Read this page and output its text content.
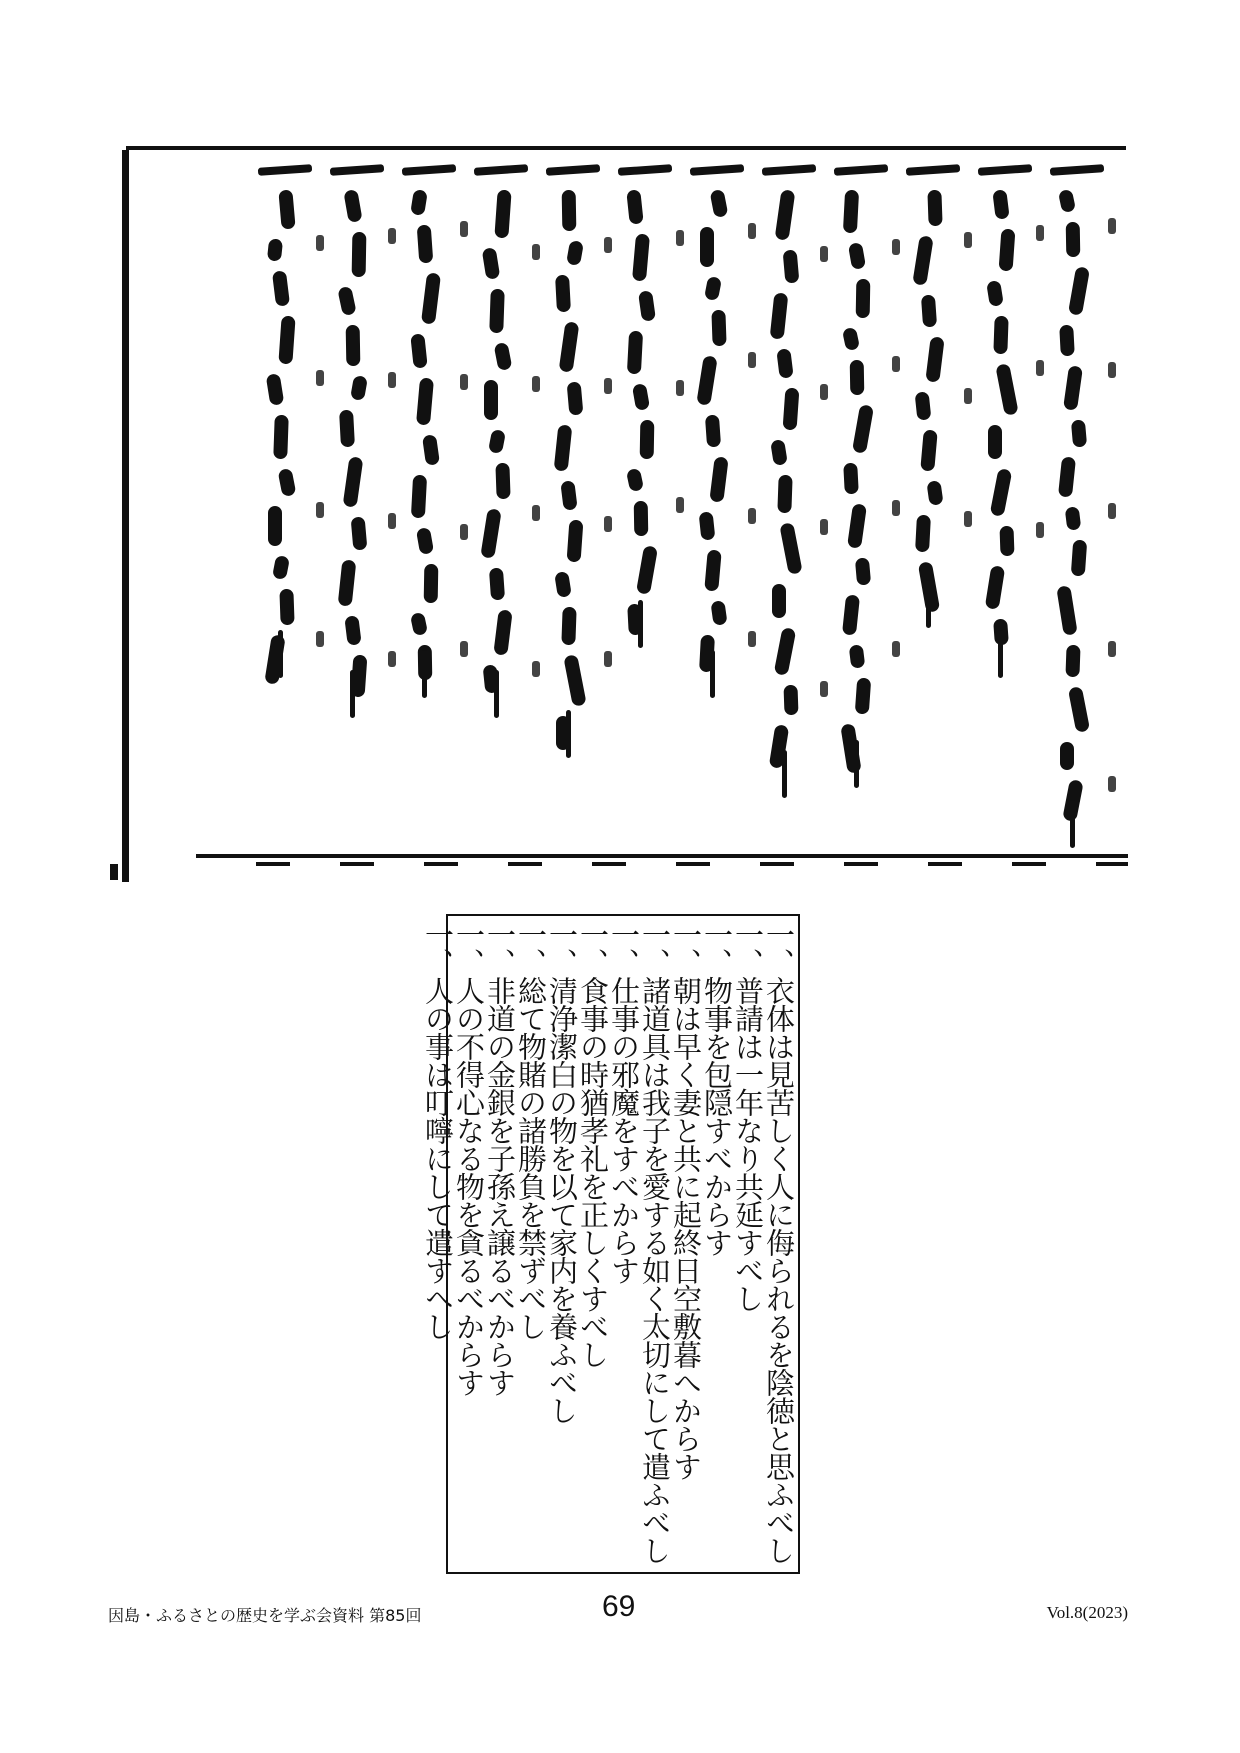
一、衣体は見苦しく人に侮られるを陰徳と思ふべし
一、普請は一年なり共延すべし
一、物事を包隠すべからす
一、朝は早く妻と共に起終日空敷暮へからす
一、諸道具は我子を愛する如く太切にして遣ふべし
一、仕事の邪魔をすべからす
一、食事の時猶孝礼を正しくすべし
一、清浄潔白の物を以て家内を養ふべし
一、総て物賭の諸勝負を禁ずべし
一、非道の金銀を子孫え譲るべからす
一、人の不得心なる物を貪るべからす
一、人の事は叮嚀にして遣すへし
因島・ふるさとの歴史を学ぶ会資料 第85回	69	Vol.8(2023)
